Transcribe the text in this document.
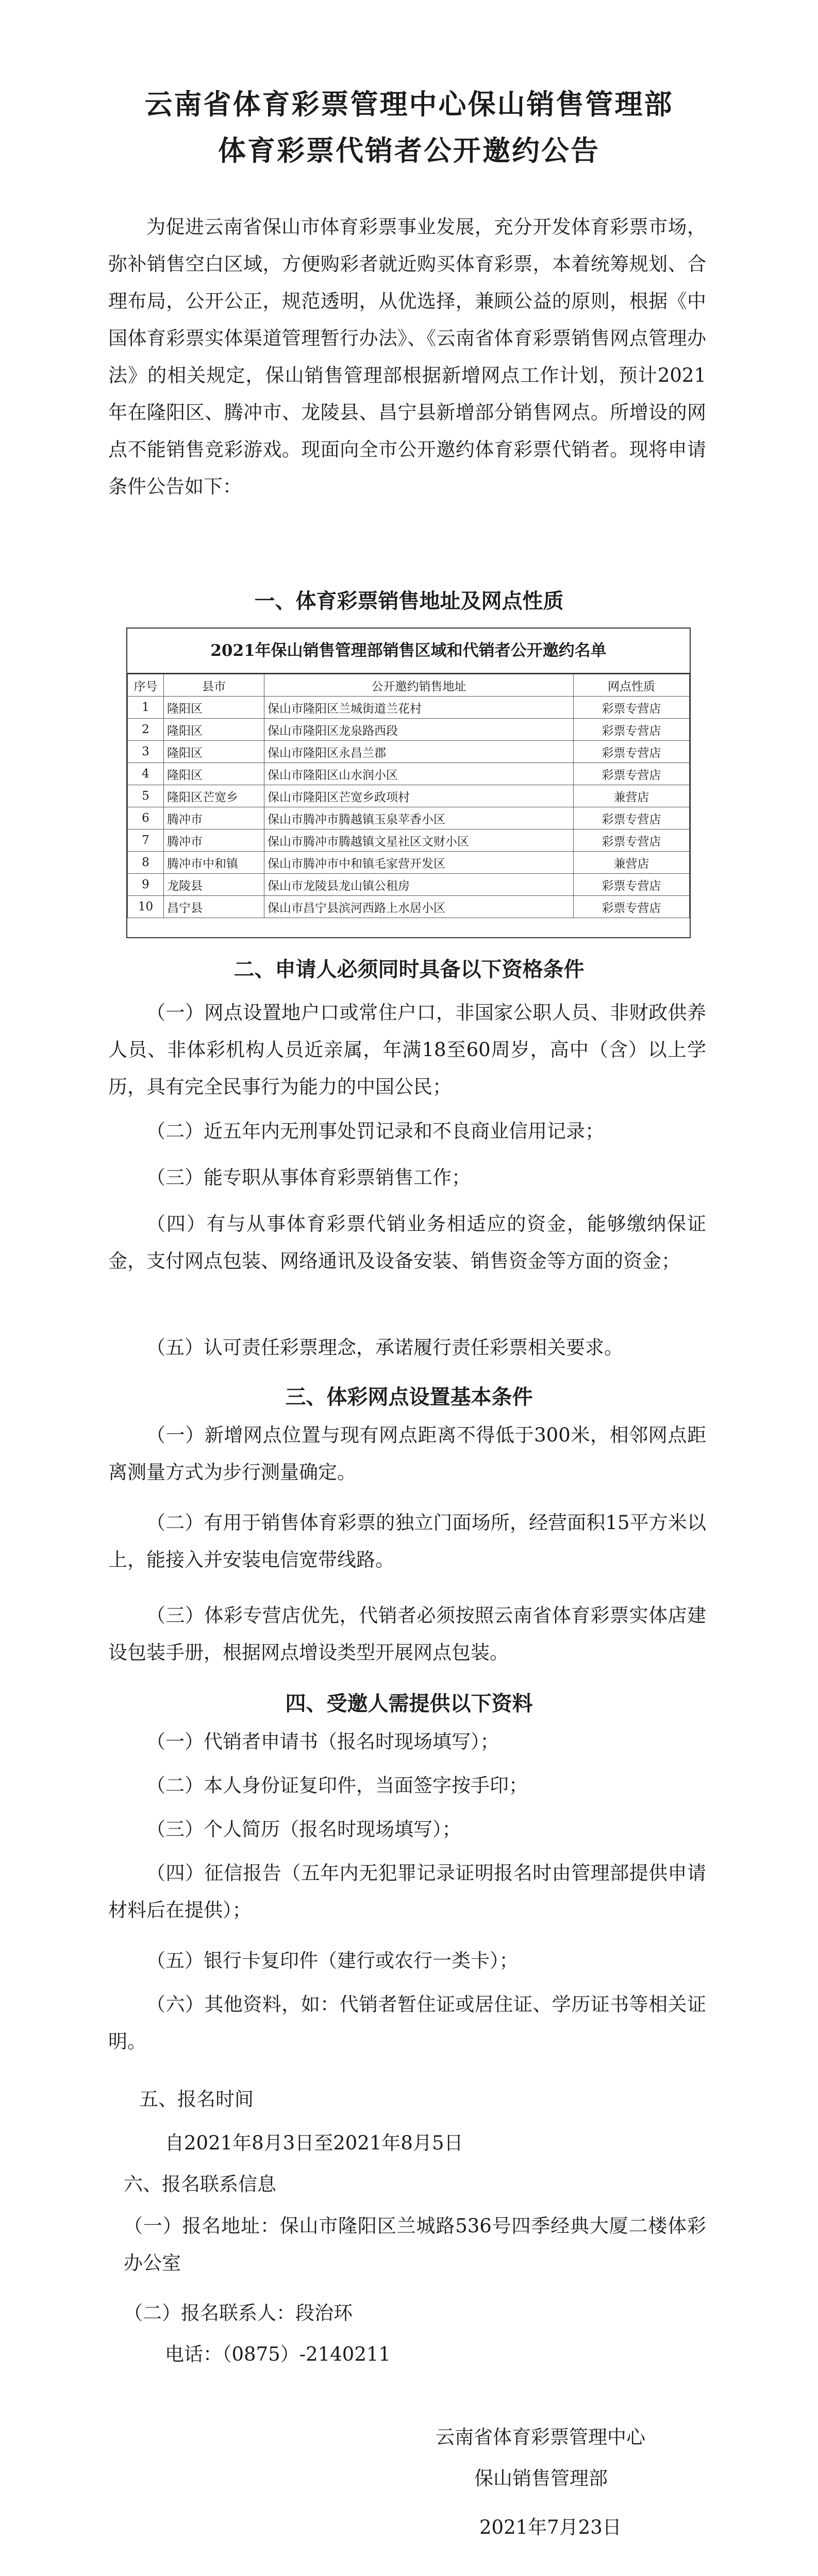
云南省体育彩票管理中心保山销售管理部
体育彩票代销者公开邀约公告
为促进云南省保山市体育彩票事业发展，充分开发体育彩票市场，弥补销售空白区域，方便购彩者就近购买体育彩票，本着统筹规划、合理布局，公开公正，规范透明，从优选择，兼顾公益的原则，根据《中国体育彩票实体渠道管理暂行办法》、《云南省体育彩票销售网点管理办法》的相关规定，保山销售管理部根据新增网点工作计划，预计2021年在隆阳区、腾冲市、龙陵县、昌宁县新增部分销售网点。所增设的网点不能销售竞彩游戏。现面向全市公开邀约体育彩票代销者。现将申请条件公告如下：
一、体育彩票销售地址及网点性质
2021年保山销售管理部销售区域和代销者公开邀约名单
序号	县市	公开邀约销售地址	网点性质
1	隆阳区	保山市隆阳区兰城街道兰花村	彩票专营店
2	隆阳区	保山市隆阳区龙泉路西段	彩票专营店
3	隆阳区	保山市隆阳区永昌兰郡	彩票专营店
4	隆阳区	保山市隆阳区山水润小区	彩票专营店
5	隆阳区芒宽乡	保山市隆阳区芒宽乡政项村	兼营店
6	腾冲市	保山市腾冲市腾越镇玉泉苹香小区	彩票专营店
7	腾冲市	保山市腾冲市腾越镇文星社区文财小区	彩票专营店
8	腾冲市中和镇	保山市腾冲市中和镇毛家营开发区	兼营店
9	龙陵县	保山市龙陵县龙山镇公租房	彩票专营店
10	昌宁县	保山市昌宁县滨河西路上水居小区	彩票专营店
二、申请人必须同时具备以下资格条件
（一）网点设置地户口或常住户口，非国家公职人员、非财政供养人员、非体彩机构人员近亲属，年满18至60周岁，高中（含）以上学历，具有完全民事行为能力的中国公民；
（二）近五年内无刑事处罚记录和不良商业信用记录；
（三）能专职从事体育彩票销售工作；
（四）有与从事体育彩票代销业务相适应的资金，能够缴纳保证金，支付网点包装、网络通讯及设备安装、销售资金等方面的资金；
（五）认可责任彩票理念，承诺履行责任彩票相关要求。
三、体彩网点设置基本条件
（一）新增网点位置与现有网点距离不得低于300米，相邻网点距离测量方式为步行测量确定。
（二）有用于销售体育彩票的独立门面场所，经营面积15平方米以上，能接入并安装电信宽带线路。
（三）体彩专营店优先，代销者必须按照云南省体育彩票实体店建设包装手册，根据网点增设类型开展网点包装。
四、受邀人需提供以下资料
（一）代销者申请书（报名时现场填写）；
（二）本人身份证复印件，当面签字按手印；
（三）个人简历（报名时现场填写）；
（四）征信报告（五年内无犯罪记录证明报名时由管理部提供申请材料后在提供）；
（五）银行卡复印件（建行或农行一类卡）；
（六）其他资料，如：代销者暂住证或居住证、学历证书等相关证明。
五、报名时间
自2021年8月3日至2021年8月5日
六、报名联系信息
（一）报名地址：保山市隆阳区兰城路536号四季经典大厦二楼体彩办公室
（二）报名联系人：段治环
电话：（0875）-2140211
云南省体育彩票管理中心
保山销售管理部
2021年7月23日
